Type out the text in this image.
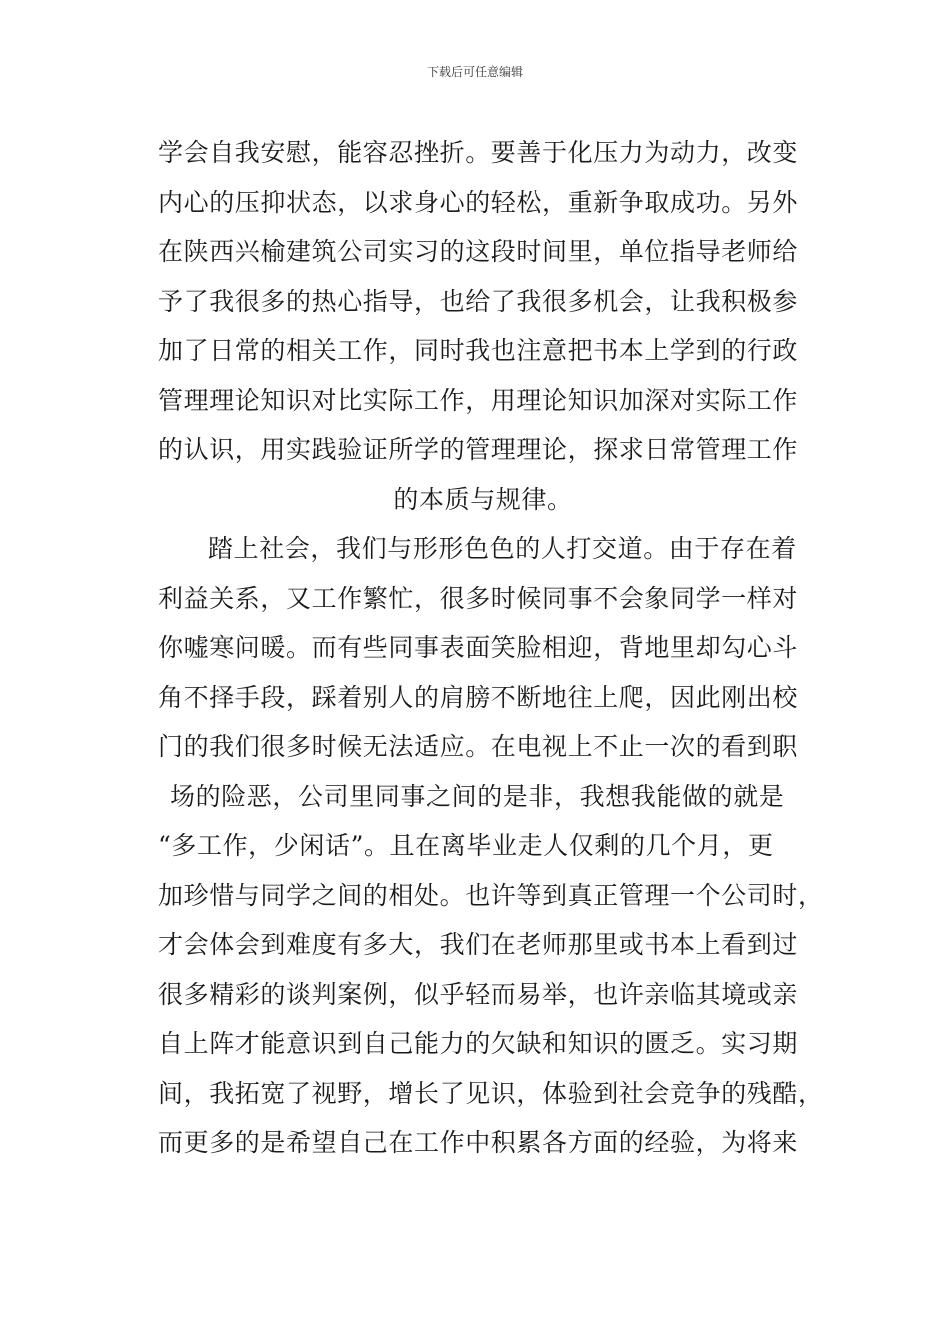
下载后可任意编辑
学会自我安慰，能容忍挫折。要善于化压力为动力，改变
内心的压抑状态，以求身心的轻松，重新争取成功。另外
在陕西兴榆建筑公司实习的这段时间里，单位指导老师给
予了我很多的热心指导，也给了我很多机会，让我积极参
加了日常的相关工作，同时我也注意把书本上学到的行政
管理理论知识对比实际工作，用理论知识加深对实际工作
的认识，用实践验证所学的管理理论，探求日常管理工作
的本质与规律。
踏上社会，我们与形形色色的人打交道。由于存在着
利益关系，又工作繁忙，很多时候同事不会象同学一样对
你嘘寒问暖。而有些同事表面笑脸相迎，背地里却勾心斗
角不择手段，踩着别人的肩膀不断地往上爬，因此刚出校
门的我们很多时候无法适应。在电视上不止一次的看到职
场的险恶，公司里同事之间的是非，我想我能做的就是
“多工作，少闲话”。且在离毕业走人仅剩的几个月，更
加珍惜与同学之间的相处。也许等到真正管理一个公司时，
才会体会到难度有多大，我们在老师那里或书本上看到过
很多精彩的谈判案例，似乎轻而易举，也许亲临其境或亲
自上阵才能意识到自己能力的欠缺和知识的匮乏。实习期
间，我拓宽了视野，增长了见识，体验到社会竞争的残酷，
而更多的是希望自己在工作中积累各方面的经验，为将来
